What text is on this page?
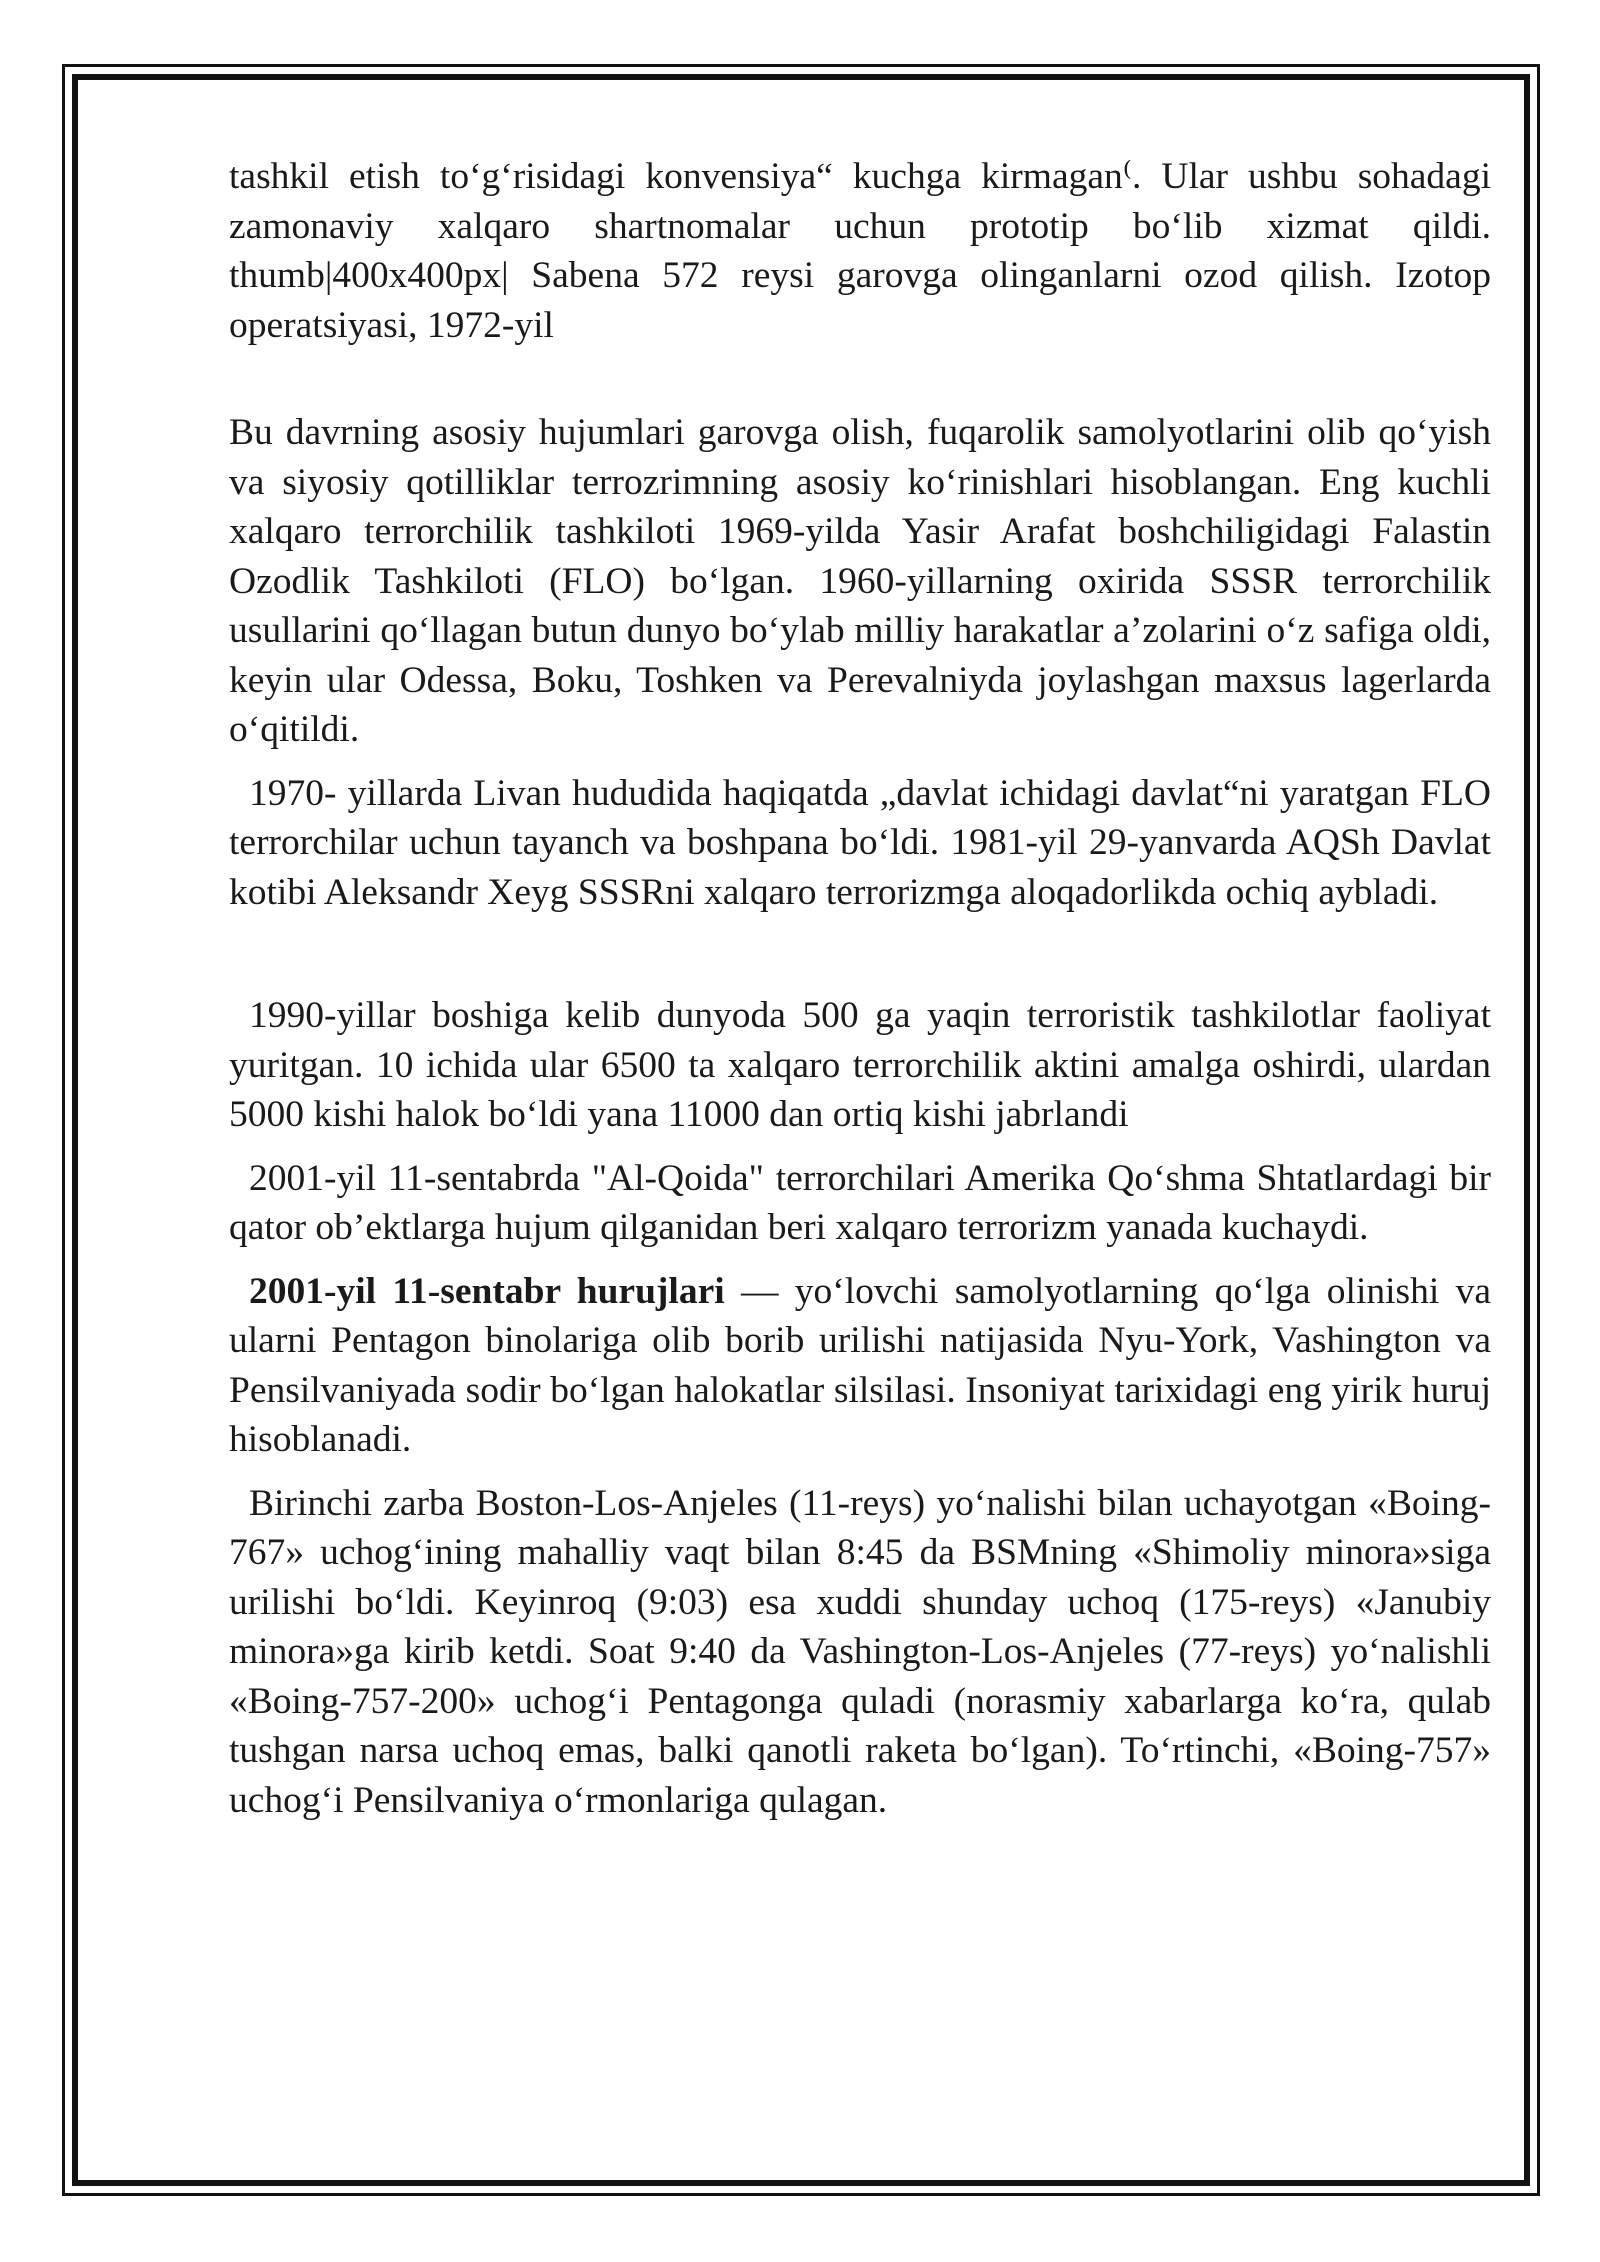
tashkil etish toʻgʻrisidagi konvensiya“ kuchga kirmagan⁽. Ular ushbu sohadagi zamonaviy xalqaro shartnomalar uchun prototip boʻlib xizmat qildi. thumb|400x400px| Sabena 572 reysi garovga olinganlarni ozod qilish. Izotop operatsiyasi, 1972-yil

Bu davrning asosiy hujumlari garovga olish, fuqarolik samolyotlarini olib qoʻyish va siyosiy qotilliklar terrozrimning asosiy koʻrinishlari hisoblangan. Eng kuchli xalqaro terrorchilik tashkiloti 1969-yilda Yasir Arafat boshchiligidagi Falastin Ozodlik Tashkiloti (FLO) boʻlgan. 1960-yillarning oxirida SSSR terrorchilik usullarini qoʻllagan butun dunyo boʻylab milliy harakatlar aʼzolarini oʻz safiga oldi, keyin ular Odessa, Boku, Toshken va Perevalniyda joylashgan maxsus lagerlarda oʻqitildi.

1970- yillarda Livan hududida haqiqatda „davlat ichidagi davlat“ni yaratgan FLO terrorchilar uchun tayanch va boshpana boʻldi. 1981-yil 29-yanvarda AQSh Davlat kotibi Aleksandr Xeyg SSSRni xalqaro terrorizmga aloqadorlikda ochiq aybladi.

1990-yillar boshiga kelib dunyoda 500 ga yaqin terroristik tashkilotlar faoliyat yuritgan. 10 ichida ular 6500 ta xalqaro terrorchilik aktini amalga oshirdi, ulardan 5000 kishi halok boʻldi yana 11000 dan ortiq kishi jabrlandi

2001-yil 11-sentabrda "Al-Qoida" terrorchilari Amerika Qoʻshma Shtatlardagi bir qator obʼektlarga hujum qilganidan beri xalqaro terrorizm yanada kuchaydi.

2001-yil 11-sentabr hurujlari — yoʻlovchi samolyotlarning qoʻlga olinishi va ularni Pentagon binolariga olib borib urilishi natijasida Nyu-York, Vashington va Pensilvaniyada sodir boʻlgan halokatlar silsilasi. Insoniyat tarixidagi eng yirik huruj hisoblanadi.

Birinchi zarba Boston-Los-Anjeles (11-reys) yoʻnalishi bilan uchayotgan «Boing-767» uchogʻining mahalliy vaqt bilan 8:45 da BSMning «Shimoliy minora»siga urilishi boʻldi. Keyinroq (9:03) esa xuddi shunday uchoq (175-reys) «Janubiy minora»ga kirib ketdi. Soat 9:40 da Vashington-Los-Anjeles (77-reys) yoʻnalishli «Boing-757-200» uchogʻi Pentagonga quladi (norasmiy xabarlarga koʻra, qulab tushgan narsa uchoq emas, balki qanotli raketa boʻlgan). Toʻrtinchi, «Boing-757» uchogʻi Pensilvaniya oʻrmonlariga qulagan.
